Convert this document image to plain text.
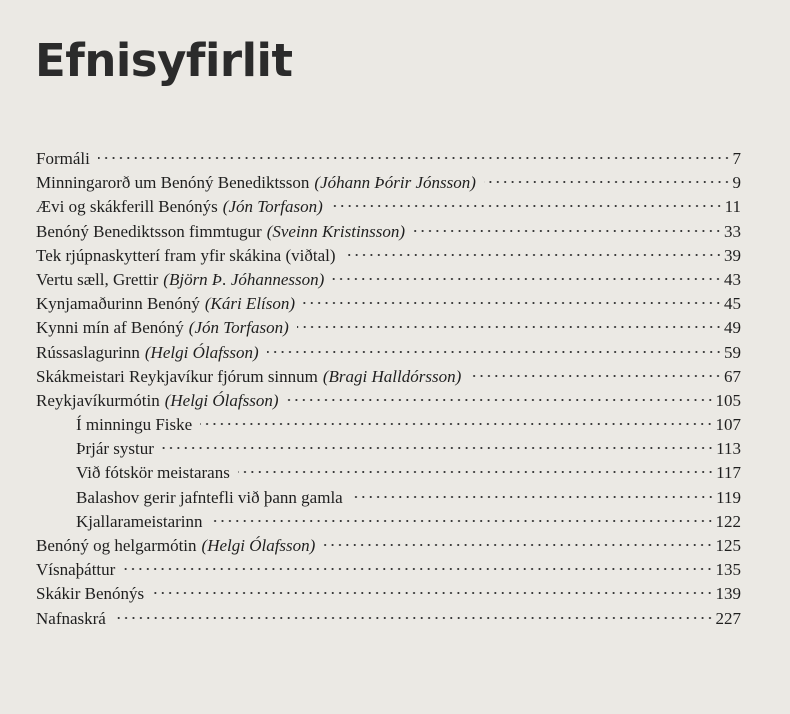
Efnisyfirlit
Formáli	7
Minningarorð um Benóný Benediktsson (Jóhann Þórir Jónsson)	9
Ævi og skákferill Benónýs (Jón Torfason)	11
Benóný Benediktsson fimmtugur (Sveinn Kristinsson)	33
Tek rjúpnaskytterí fram yfir skákina (viðtal)	39
Vertu sæll, Grettir (Björn Þ. Jóhannesson)	43
Kynjamaðurinn Benóný (Kári Elíson)	45
Kynni mín af Benóný (Jón Torfason)	49
Rússaslagurinn (Helgi Ólafsson)	59
Skákmeistari Reykjavíkur fjórum sinnum (Bragi Halldórsson)	67
Reykjavíkurmótin (Helgi Ólafsson)	105
Í minningu Fiske	107
Þrjár systur	113
Við fótskör meistarans	117
Balashov gerir jafntefli við þann gamla	119
Kjallarameistarinn	122
Benóný og helgarmótin (Helgi Ólafsson)	125
Vísnaþáttur	135
Skákir Benónýs	139
Nafnaskrá	227
